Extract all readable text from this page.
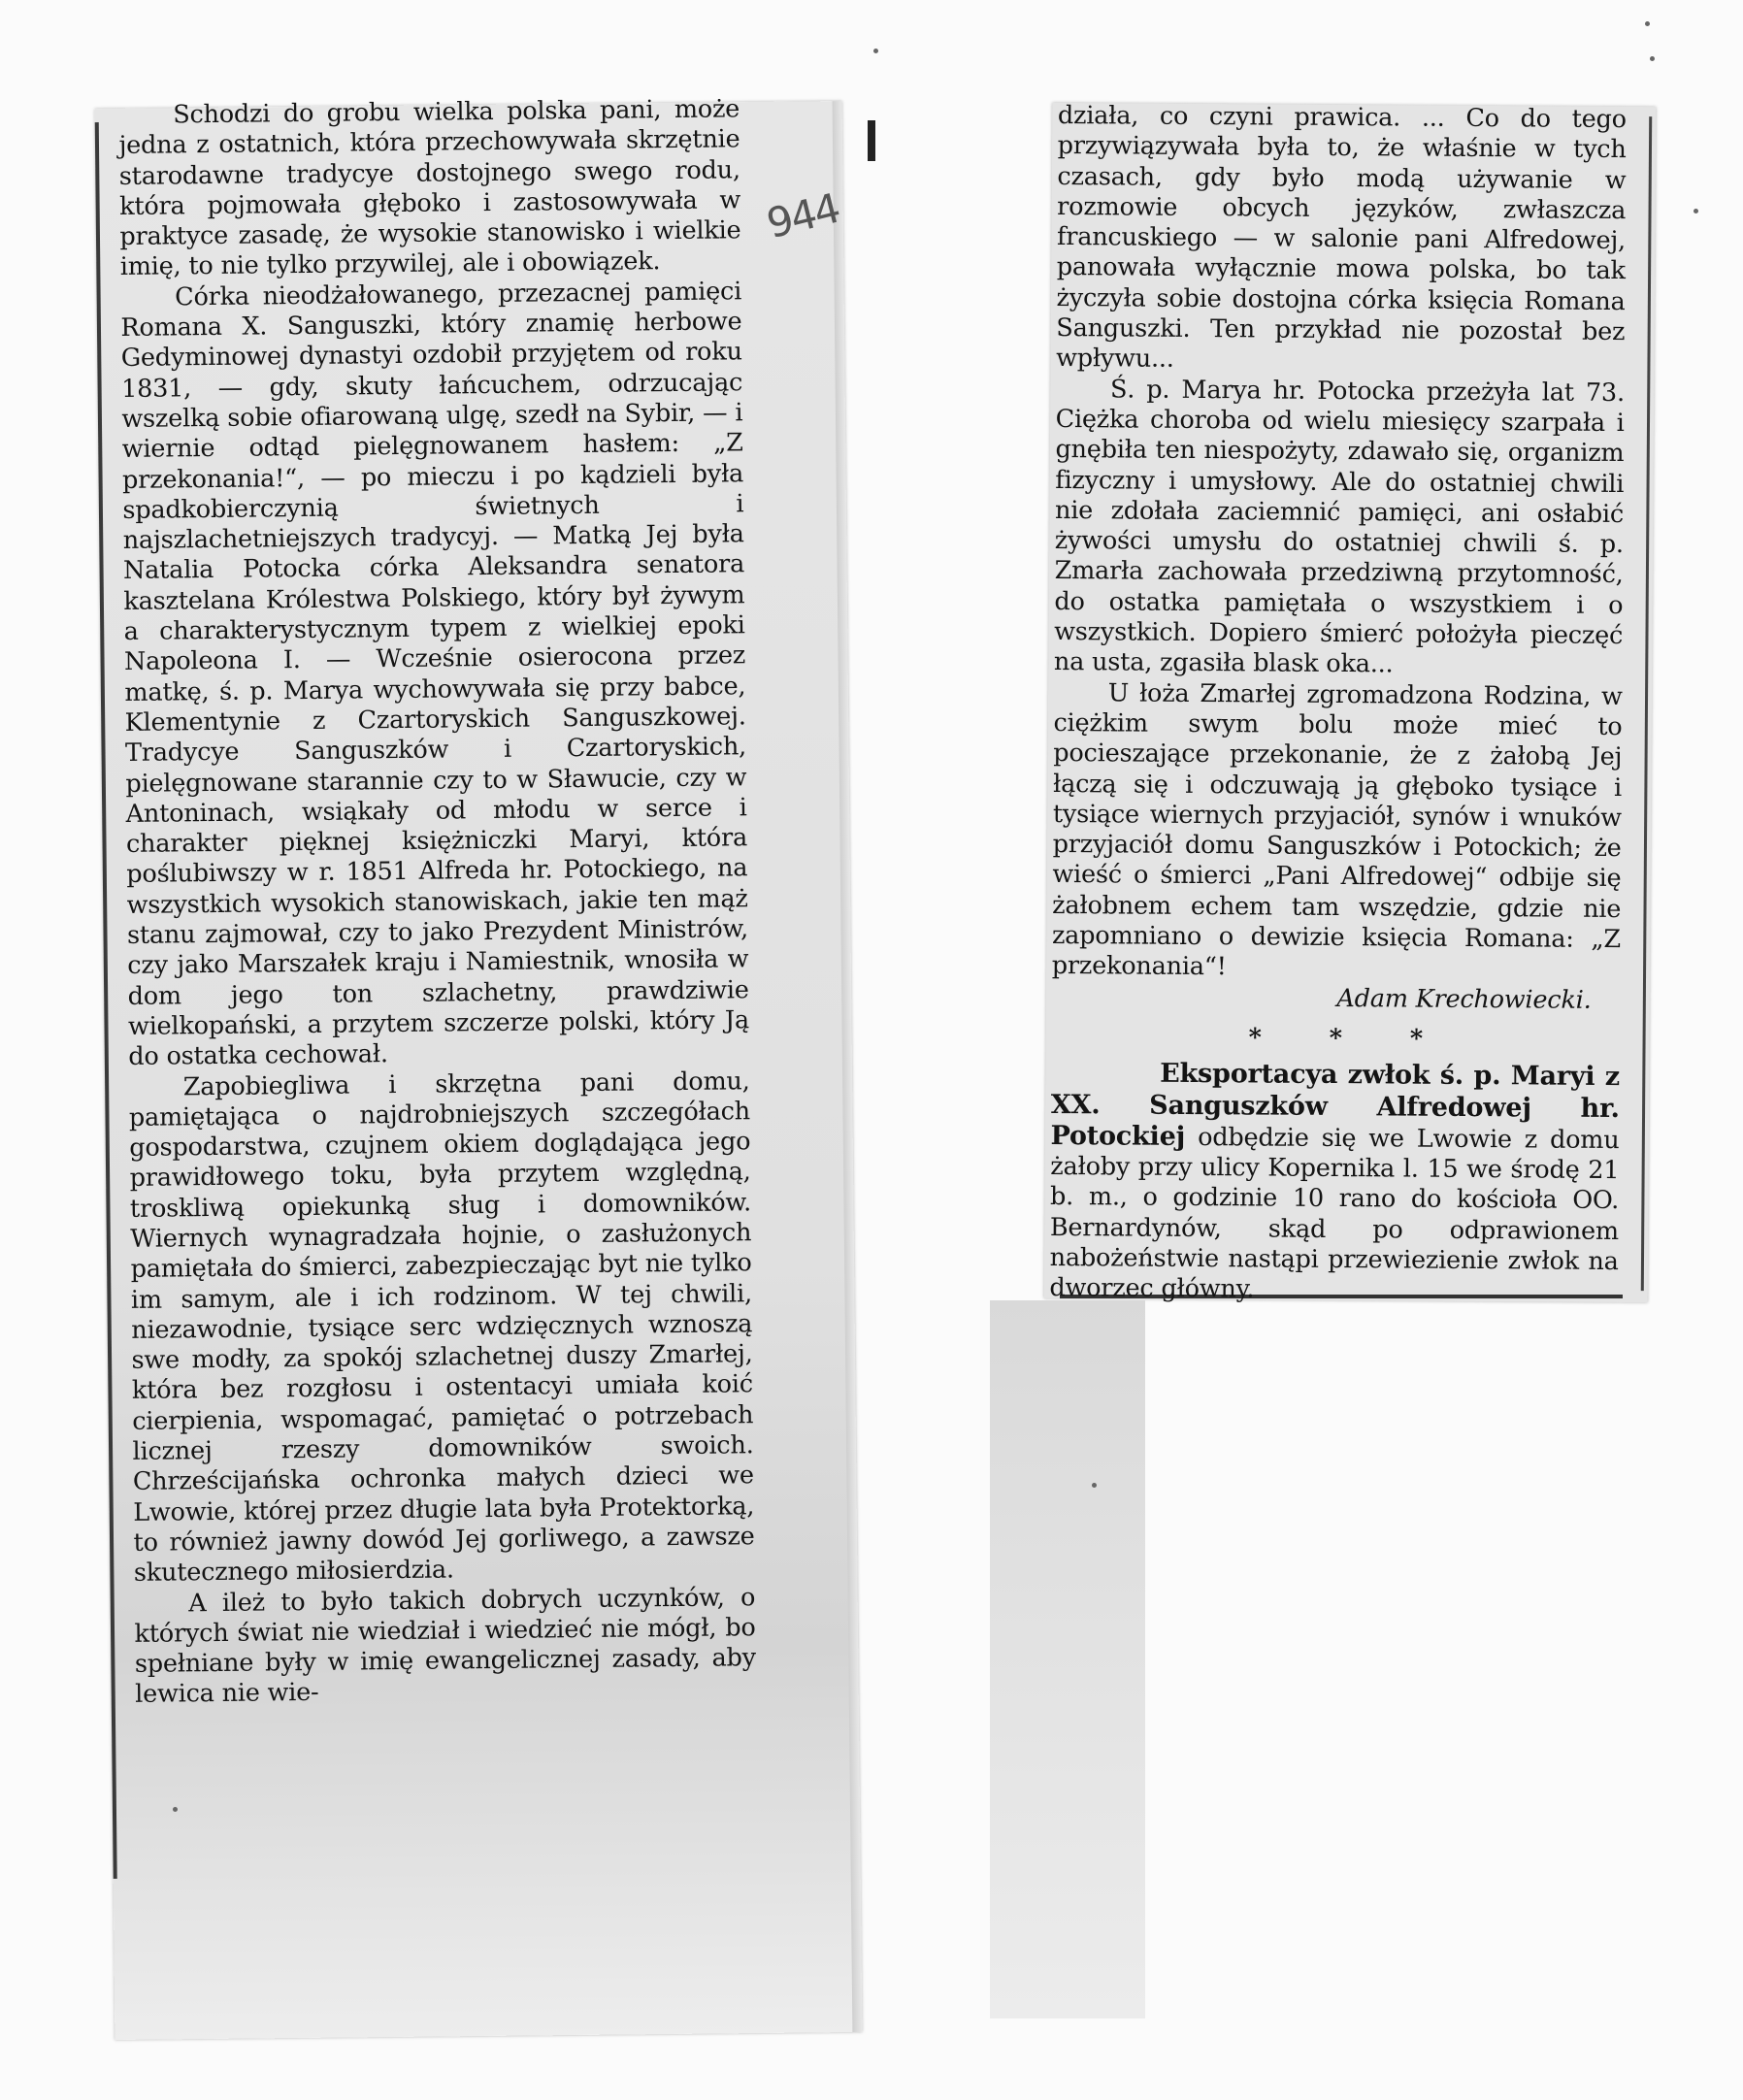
944

Schodzi do grobu wielka polska pani, może jedna z ostatnich, która przechowywała skrzętnie starodawne tradycye dostojnego swego rodu, która pojmowała głęboko i zastosowywała w praktyce zasadę, że wysokie stanowisko i wielkie imię, to nie tylko przywilej, ale i obowiązek.

Córka nieodżałowanego, przezacnej pamięci Romana X. Sanguszki, który znamię herbowe Gedyminowej dynastyi ozdobił przyjętem od roku 1831, — gdy, skuty łańcuchem, odrzucając wszelką sobie ofiarowaną ulgę, szedł na Sybir, — i wiernie odtąd pielęgnowanem hasłem: „Z przekonania!“, — po mieczu i po kądzieli była spadkobierczynią świetnych i najszlachetniejszych tradycyj. — Matką Jej była Natalia Potocka córka Aleksandra senatora kasztelana Królestwa Polskiego, który był żywym a charakterystycznym typem z wielkiej epoki Napoleona I. — Wcześnie osierocona przez matkę, ś. p. Marya wychowywała się przy babce, Klementynie z Czartoryskich Sanguszkowej. Tradycye Sanguszków i Czartoryskich, pielęgnowane starannie czy to w Sławucie, czy w Antoninach, wsiąkały od młodu w serce i charakter pięknej księżniczki Maryi, która poślubiwszy w r. 1851 Alfreda hr. Potockiego, na wszystkich wysokich stanowiskach, jakie ten mąż stanu zajmował, czy to jako Prezydent Ministrów, czy jako Marszałek kraju i Namiestnik, wnosiła w dom jego ton szlachetny, prawdziwie wielkopański, a przytem szczerze polski, który Ją do ostatka cechował.

Zapobiegliwa i skrzętna pani domu, pamiętająca o najdrobniejszych szczegółach gospodarstwa, czujnem okiem doglądająca jego prawidłowego toku, była przytem względną, troskliwą opiekunką sług i domowników. Wiernych wynagradzała hojnie, o zasłużonych pamiętała do śmierci, zabezpieczając byt nie tylko im samym, ale i ich rodzinom. W tej chwili, niezawodnie, tysiące serc wdzięcznych wznoszą swe modły, za spokój szlachetnej duszy Zmarłej, która bez rozgłosu i ostentacyi umiała koić cierpienia, wspomagać, pamiętać o potrzebach licznej rzeszy domowników swoich. Chrześcijańska ochronka małych dzieci we Lwowie, której przez długie lata była Protektorką, to również jawny dowód Jej gorliwego, a zawsze skutecznego miłosierdzia.

A ileż to było takich dobrych uczynków, o których świat nie wiedział i wiedzieć nie mógł, bo spełniane były w imię ewangelicznej zasady, aby lewica nie wie-

działa, co czyni prawica. ... Co do tego przywiązywała była to, że właśnie w tych czasach, gdy było modą używanie w rozmowie obcych języków, zwłaszcza francuskiego — w salonie pani Alfredowej, panowała wyłącznie mowa polska, bo tak życzyła sobie dostojna córka księcia Romana Sanguszki. Ten przykład nie pozostał bez wpływu...

Ś. p. Marya hr. Potocka przeżyła lat 73. Ciężka choroba od wielu miesięcy szarpała i gnębiła ten niespożyty, zdawało się, organizm fizyczny i umysłowy. Ale do ostatniej chwili nie zdołała zaciemnić pamięci, ani osłabić żywości umysłu do ostatniej chwili ś. p. Zmarła zachowała przedziwną przytomność, do ostatka pamiętała o wszystkiem i o wszystkich. Dopiero śmierć położyła pieczęć na usta, zgasiła blask oka...

U łoża Zmarłej zgromadzona Rodzina, w ciężkim swym bolu może mieć to pocieszające przekonanie, że z żałobą Jej łączą się i odczuwają ją głęboko tysiące i tysiące wiernych przyjaciół, synów i wnuków przyjaciół domu Sanguszków i Potockich; że wieść o śmierci „Pani Alfredowej“ odbije się żałobnem echem tam wszędzie, gdzie nie zapomniano o dewizie księcia Romana: „Z przekonania“!

Adam Krechowiecki.

*	*	*

Eksportacya zwłok ś. p. Maryi z XX. Sanguszków Alfredowej hr. Potockiej odbędzie się we Lwowie z domu żałoby przy ulicy Kopernika l. 15 we środę 21 b. m., o godzinie 10 rano do kościoła OO. Bernardynów, skąd po odprawionem nabożeństwie nastąpi przewiezienie zwłok na dworzec główny.
